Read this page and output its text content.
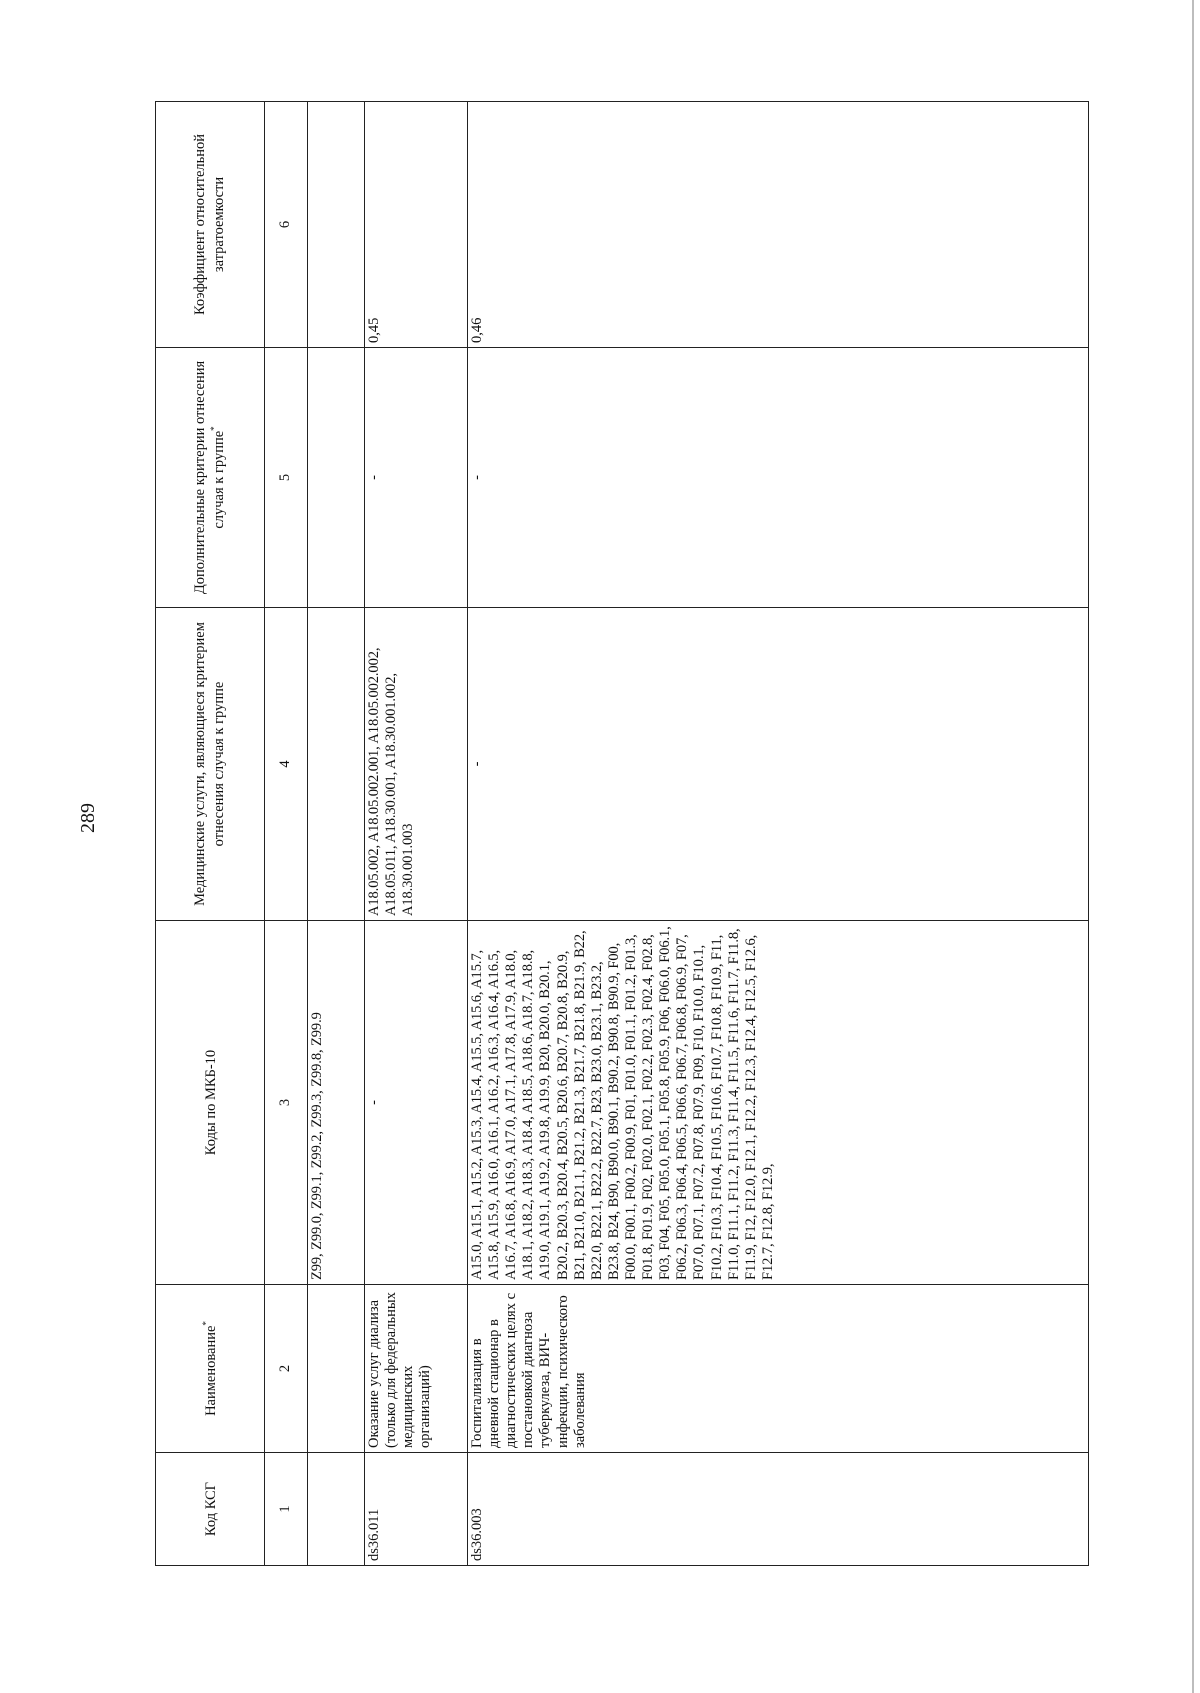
289
Код КСГ	Наименование*	Коды по МКБ-10	Медицинские услуги, являющиеся критерием отнесения случая к группе	Дополнительные критерии отнесения случая к группе*	Коэффициент относительной затратоемкости
1	2	3	4	5	6
		Z99, Z99.0, Z99.1, Z99.2, Z99.3, Z99.8, Z99.9			
ds36.011	Оказание услуг диализа (только для федеральных медицинских организаций)	-	A18.05.002, A18.05.002.001, A18.05.002.002, A18.05.011, A18.30.001, A18.30.001.002, A18.30.001.003	-	0,45
ds36.003	Госпитализация в дневной стационар в диагностических целях с постановкой диагноза туберкулеза, ВИЧ-инфекции, психического заболевания	A15.0, A15.1, A15.2, A15.3, A15.4, A15.5, A15.6, A15.7, A15.8, A15.9, A16.0, A16.1, A16.2, A16.3, A16.4, A16.5, A16.7, A16.8, A16.9, A17.0, A17.1, A17.8, A17.9, A18.0, A18.1, A18.2, A18.3, A18.4, A18.5, A18.6, A18.7, A18.8, A19.0, A19.1, A19.2, A19.8, A19.9, B20, B20.0, B20.1, B20.2, B20.3, B20.4, B20.5, B20.6, B20.7, B20.8, B20.9, B21, B21.0, B21.1, B21.2, B21.3, B21.7, B21.8, B21.9, B22, B22.0, B22.1, B22.2, B22.7, B23, B23.0, B23.1, B23.2, B23.8, B24, B90, B90.0, B90.1, B90.2, B90.8, B90.9, F00, F00.0, F00.1, F00.2, F00.9, F01, F01.0, F01.1, F01.2, F01.3, F01.8, F01.9, F02, F02.0, F02.1, F02.2, F02.3, F02.4, F02.8, F03, F04, F05, F05.0, F05.1, F05.8, F05.9, F06, F06.0, F06.1, F06.2, F06.3, F06.4, F06.5, F06.6, F06.7, F06.8, F06.9, F07, F07.0, F07.1, F07.2, F07.8, F07.9, F09, F10, F10.0, F10.1, F10.2, F10.3, F10.4, F10.5, F10.6, F10.7, F10.8, F10.9, F11, F11.0, F11.1, F11.2, F11.3, F11.4, F11.5, F11.6, F11.7, F11.8, F11.9, F12, F12.0, F12.1, F12.2, F12.3, F12.4, F12.5, F12.6, F12.7, F12.8, F12.9,	-	-	0,46
